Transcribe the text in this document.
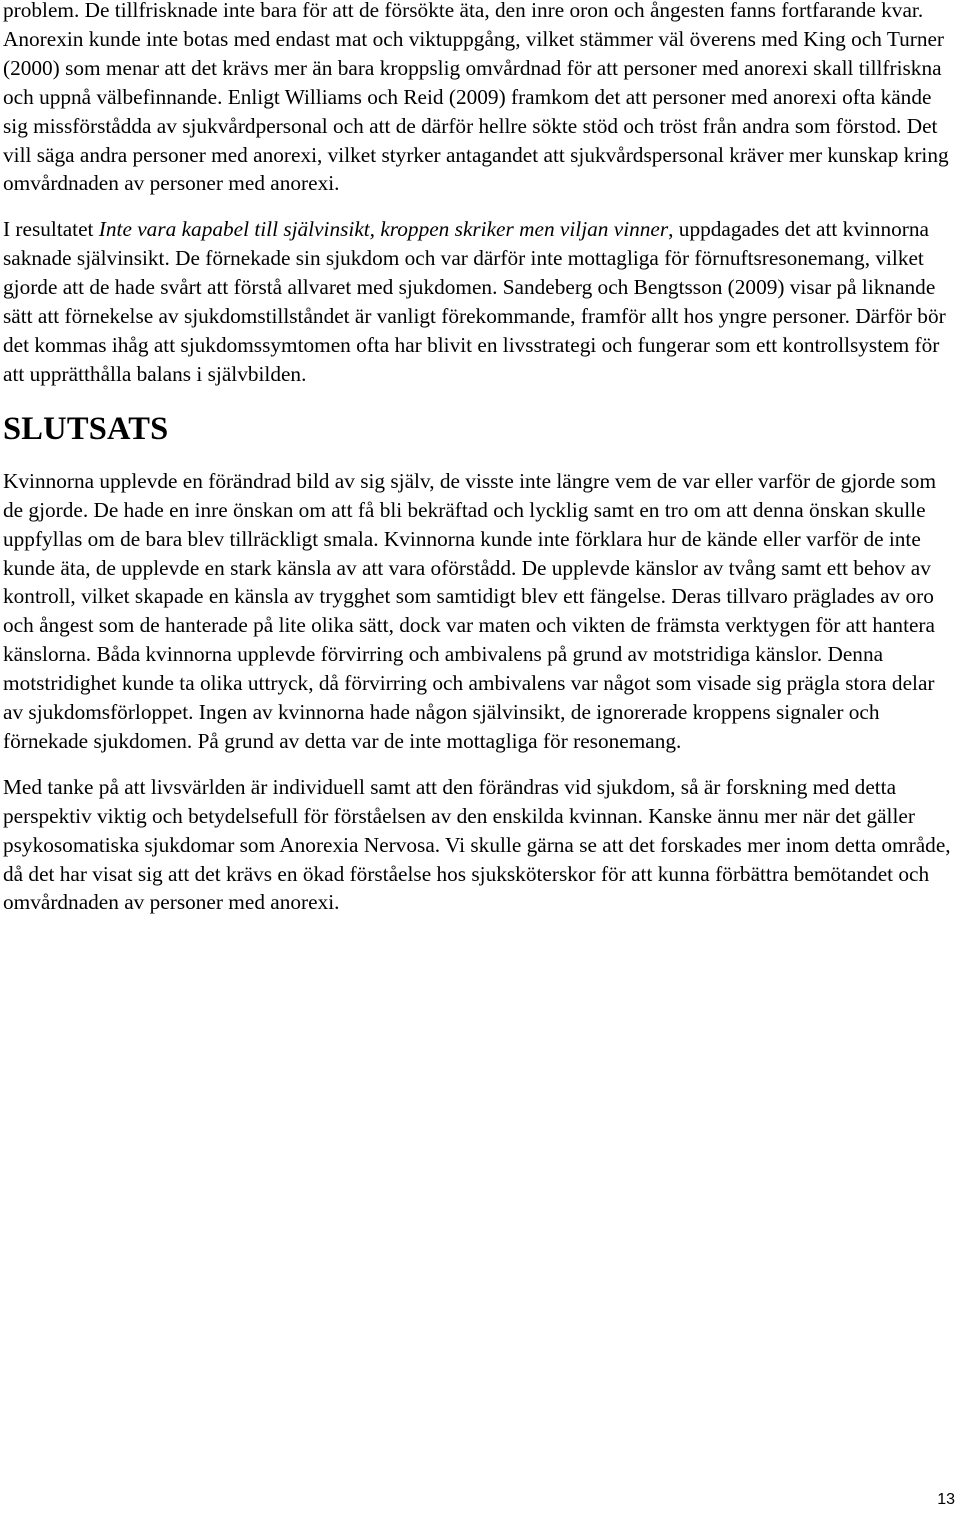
problem. De tillfrisknade inte bara för att de försökte äta, den inre oron och ångesten fanns fortfarande kvar. Anorexin kunde inte botas med endast mat och viktuppgång, vilket stämmer väl överens med King och Turner (2000) som menar att det krävs mer än bara kroppslig omvårdnad för att personer med anorexi skall tillfriskna och uppnå välbefinnande. Enligt Williams och Reid (2009) framkom det att personer med anorexi ofta kände sig missförstådda av sjukvårdpersonal och att de därför hellre sökte stöd och tröst från andra som förstod. Det vill säga andra personer med anorexi, vilket styrker antagandet att sjukvårdspersonal kräver mer kunskap kring omvårdnaden av personer med anorexi.

I resultatet Inte vara kapabel till självinsikt, kroppen skriker men viljan vinner, uppdagades det att kvinnorna saknade självinsikt. De förnekade sin sjukdom och var därför inte mottagliga för förnuftsresonemang, vilket gjorde att de hade svårt att förstå allvaret med sjukdomen. Sandeberg och Bengtsson (2009) visar på liknande sätt att förnekelse av sjukdomstillståndet är vanligt förekommande, framför allt hos yngre personer. Därför bör det kommas ihåg att sjukdomssymtomen ofta har blivit en livsstrategi och fungerar som ett kontrollsystem för att upprätthålla balans i självbilden.

SLUTSATS

Kvinnorna upplevde en förändrad bild av sig själv, de visste inte längre vem de var eller varför de gjorde som de gjorde. De hade en inre önskan om att få bli bekräftad och lycklig samt en tro om att denna önskan skulle uppfyllas om de bara blev tillräckligt smala. Kvinnorna kunde inte förklara hur de kände eller varför de inte kunde äta, de upplevde en stark känsla av att vara oförstådd. De upplevde känslor av tvång samt ett behov av kontroll, vilket skapade en känsla av trygghet som samtidigt blev ett fängelse. Deras tillvaro präglades av oro och ångest som de hanterade på lite olika sätt, dock var maten och vikten de främsta verktygen för att hantera känslorna. Båda kvinnorna upplevde förvirring och ambivalens på grund av motstridiga känslor. Denna motstridighet kunde ta olika uttryck, då förvirring och ambivalens var något som visade sig prägla stora delar av sjukdomsförloppet. Ingen av kvinnorna hade någon självinsikt, de ignorerade kroppens signaler och förnekade sjukdomen. På grund av detta var de inte mottagliga för resonemang.

Med tanke på att livsvärlden är individuell samt att den förändras vid sjukdom, så är forskning med detta perspektiv viktig och betydelsefull för förståelsen av den enskilda kvinnan. Kanske ännu mer när det gäller psykosomatiska sjukdomar som Anorexia Nervosa. Vi skulle gärna se att det forskades mer inom detta område, då det har visat sig att det krävs en ökad förståelse hos sjuksköterskor för att kunna förbättra bemötandet och omvårdnaden av personer med anorexi.

13
